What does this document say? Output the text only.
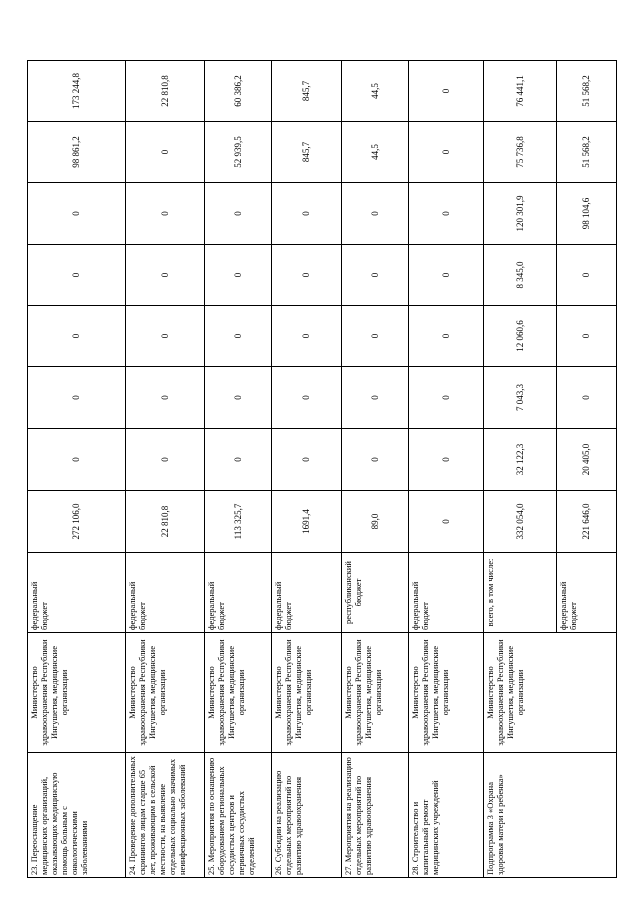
23. Переоснащение медицинских организаций, оказывающих медицинскую помощь больным с онкологическими заболеваниями	Министерство здравоохранения Республики Ингушетия, медицинские организации	федеральный бюджет	272 106,0	0	0	0	0	0	98 861,2	173 244,8
24. Проведение дополнительных скринингов лицам старше 65 лет, проживающим в сельской местности, на выявление отдельных социально значимых неинфекционных заболеваний	Министерство здравоохранения Республики Ингушетия, медицинские организации	федеральный бюджет	22 810,8	0	0	0	0	0	0	22 810,8
25. Мероприятия по оснащению оборудованием региональных сосудистых центров и первичных сосудистых отделений	Министерство здравоохранения Республики Ингушетия, медицинские организации	федеральный бюджет	113 325,7	0	0	0	0	0	52 939,5	60 386,2
26. Субсидии на реализацию отдельных мероприятий по развитию здравоохранения	Министерство здравоохранения Республики Ингушетия, медицинские организации	федеральный бюджет	1691,4	0	0	0	0	0	845,7	845,7
27. Мероприятия на реализацию отдельных мероприятий по развитию здравоохранения	Министерство здравоохранения Республики Ингушетия, медицинские организации	республиканский бюджет	89,0	0	0	0	0	0	44,5	44,5
28. Строительство и капитальный ремонт медицинских учреждений	Министерство здравоохранения Республики Ингушетия, медицинские организации	федеральный бюджет	0	0	0	0	0	0	0	0
Подпрограмма 3 «Охрана здоровья матери и ребенка»	Министерство здравоохранения Республики Ингушетия, медицинские организации	всего, в том числе:	332 054,0	32 122,3	7 043,3	12 060,6	8 345,0	120 301,9	75 736,8	76 441,1
		федеральный бюджет	221 646,0	20 405,0	0	0	0	98 104,6	51 568,2	51 568,2
